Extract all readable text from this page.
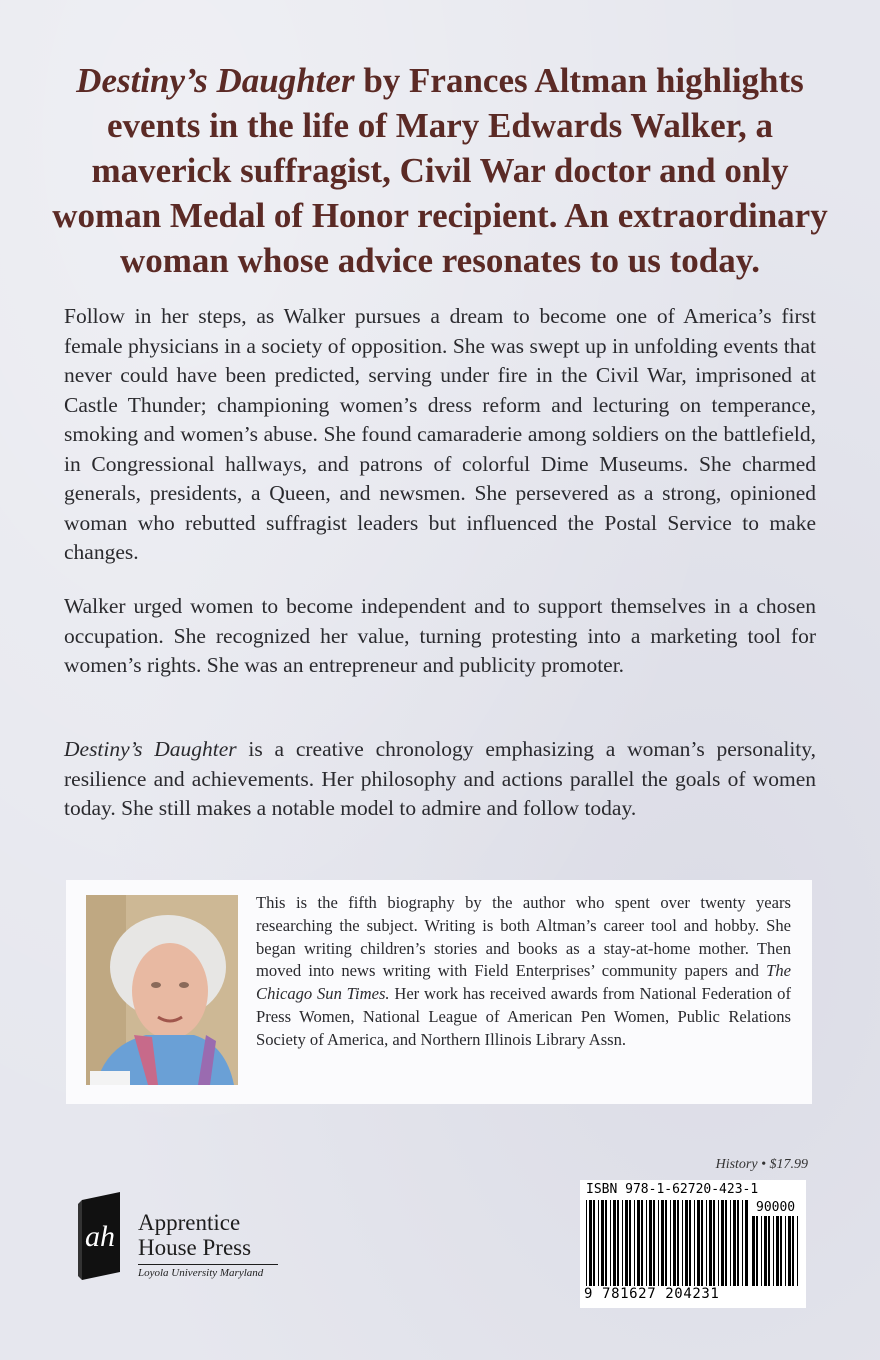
Destiny’s Daughter by Frances Altman highlights events in the life of Mary Edwards Walker, a maverick suffragist, Civil War doctor and only woman Medal of Honor recipient. An extraordinary woman whose advice resonates to us today.

Follow in her steps, as Walker pursues a dream to become one of America’s first female physicians in a society of opposition. She was swept up in unfolding events that never could have been predicted, serving under fire in the Civil War, imprisoned at Castle Thunder; championing women’s dress reform and lecturing on temperance, smoking and women’s abuse. She found camaraderie among soldiers on the battlefield, in Congressional hallways, and patrons of colorful Dime Museums. She charmed generals, presidents, a Queen, and newsmen. She persevered as a strong, opinioned woman who rebutted suffragist leaders but influenced the Postal Service to make changes.

Walker urged women to become independent and to support themselves in a chosen occupation. She recognized her value, turning protesting into a marketing tool for women’s rights. She was an entrepreneur and publicity promoter.

Destiny’s Daughter is a creative chronology emphasizing a woman’s personality, resilience and achievements. Her philosophy and actions parallel the goals of women today. She still makes a notable model to admire and follow today.

This is the fifth biography by the author who spent over twenty years researching the subject. Writing is both Altman’s career tool and hobby. She began writing children’s stories and books as a stay-at-home mother. Then moved into news writing with Field Enterprises’ community papers and The Chicago Sun Times. Her work has received awards from National Federation of Press Women, National League of American Pen Women, Public Relations Society of America, and Northern Illinois Library Assn.

ah Apprentice
House Press
Loyola University Maryland
History • $17.99
ISBN 978-1-62720-423-1
90000
9 781627 204231
